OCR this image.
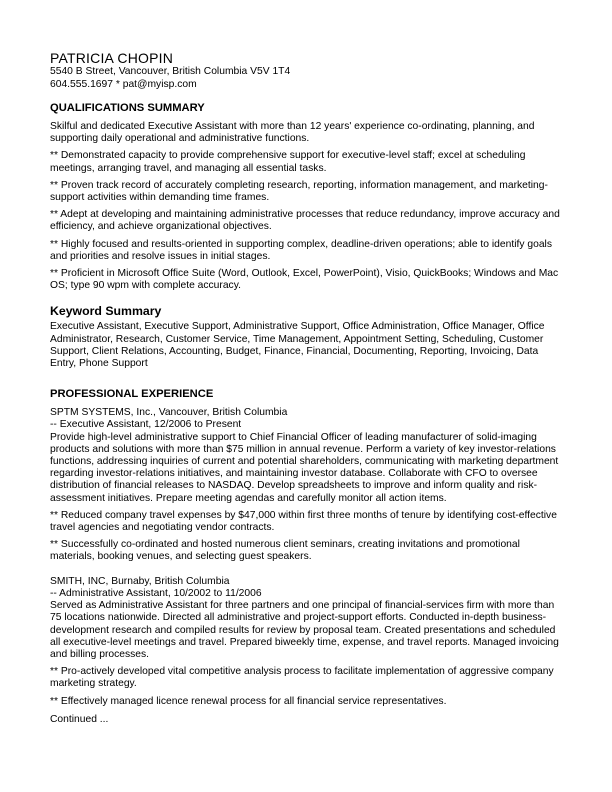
PATRICIA CHOPIN

5540 B Street, Vancouver, British Columbia V5V 1T4

604.555.1697 * pat@myisp.com

QUALIFICATIONS SUMMARY

Skilful and dedicated Executive Assistant with more than 12 years' experience co-ordinating, planning, and supporting daily operational and administrative functions.

** Demonstrated capacity to provide comprehensive support for executive-level staff; excel at scheduling meetings, arranging travel, and managing all essential tasks.

** Proven track record of accurately completing research, reporting, information management, and marketing-support activities within demanding time frames.

** Adept at developing and maintaining administrative processes that reduce redundancy, improve accuracy and efficiency, and achieve organizational objectives.

** Highly focused and results-oriented in supporting complex, deadline-driven operations; able to identify goals and priorities and resolve issues in initial stages.

** Proficient in Microsoft Office Suite (Word, Outlook, Excel, PowerPoint), Visio, QuickBooks; Windows and Mac OS; type 90 wpm with complete accuracy.

Keyword Summary

Executive Assistant, Executive Support, Administrative Support, Office Administration, Office Manager, Office Administrator, Research, Customer Service, Time Management, Appointment Setting, Scheduling, Customer Support, Client Relations, Accounting, Budget, Finance, Financial, Documenting, Reporting, Invoicing, Data Entry, Phone Support

PROFESSIONAL EXPERIENCE

SPTM SYSTEMS, Inc., Vancouver, British Columbia

-- Executive Assistant, 12/2006 to Present

Provide high-level administrative support to Chief Financial Officer of leading manufacturer of solid-imaging products and solutions with more than $75 million in annual revenue. Perform a variety of key investor-relations functions, addressing inquiries of current and potential shareholders, communicating with marketing department regarding investor-relations initiatives, and maintaining investor database. Collaborate with CFO to oversee distribution of financial releases to NASDAQ. Develop spreadsheets to improve and inform quality and risk-assessment initiatives. Prepare meeting agendas and carefully monitor all action items.

** Reduced company travel expenses by $47,000 within first three months of tenure by identifying cost-effective travel agencies and negotiating vendor contracts.

** Successfully co-ordinated and hosted numerous client seminars, creating invitations and promotional materials, booking venues, and selecting guest speakers.

SMITH, INC, Burnaby, British Columbia

-- Administrative Assistant, 10/2002 to 11/2006

Served as Administrative Assistant for three partners and one principal of financial-services firm with more than 75 locations nationwide. Directed all administrative and project-support efforts. Conducted in-depth business-development research and compiled results for review by proposal team. Created presentations and scheduled all executive-level meetings and travel. Prepared biweekly time, expense, and travel reports. Managed invoicing and billing processes.

** Pro-actively developed vital competitive analysis process to facilitate implementation of aggressive company marketing strategy.

** Effectively managed licence renewal process for all financial service representatives.

Continued ...
